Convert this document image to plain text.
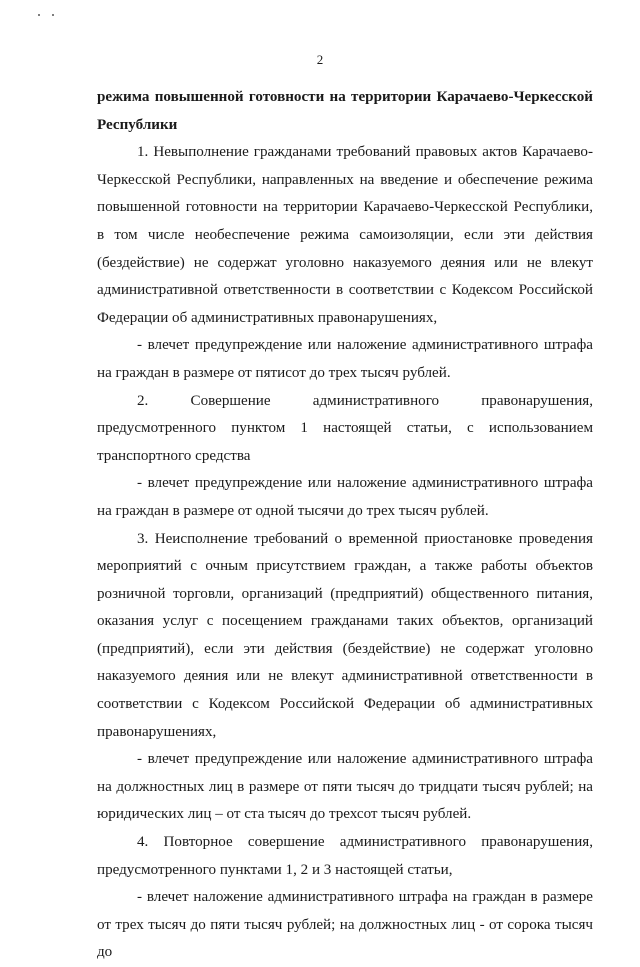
2

режима повышенной готовности на территории Карачаево-Черкесской Республики

1. Невыполнение гражданами требований правовых актов Карачаево-Черкесской Республики, направленных на введение и обеспечение режима повышенной готовности на территории Карачаево-Черкесской Республики, в том числе необеспечение режима самоизоляции, если эти действия (бездействие) не содержат уголовно наказуемого деяния или не влекут административной ответственности в соответствии с Кодексом Российской Федерации об административных правонарушениях,

- влечет предупреждение или наложение административного штрафа на граждан в размере от пятисот до трех тысяч рублей.

2. Совершение административного правонарушения, предусмотренного пунктом 1 настоящей статьи, с использованием транспортного средства

- влечет предупреждение или наложение административного штрафа на граждан в размере от одной тысячи до трех тысяч рублей.

3. Неисполнение требований о временной приостановке проведения мероприятий с очным присутствием граждан, а также работы объектов розничной торговли, организаций (предприятий) общественного питания, оказания услуг с посещением гражданами таких объектов, организаций (предприятий), если эти действия (бездействие) не содержат уголовно наказуемого деяния или не влекут административной ответственности в соответствии с Кодексом Российской Федерации об административных правонарушениях,

- влечет предупреждение или наложение административного штрафа на должностных лиц в размере от пяти тысяч до тридцати тысяч рублей; на юридических лиц – от ста тысяч до трехсот тысяч рублей.

4. Повторное совершение административного правонарушения, предусмотренного пунктами 1, 2 и 3 настоящей статьи,

- влечет наложение административного штрафа на граждан в размере от трех тысяч до пяти тысяч рублей; на должностных лиц - от сорока тысяч до
